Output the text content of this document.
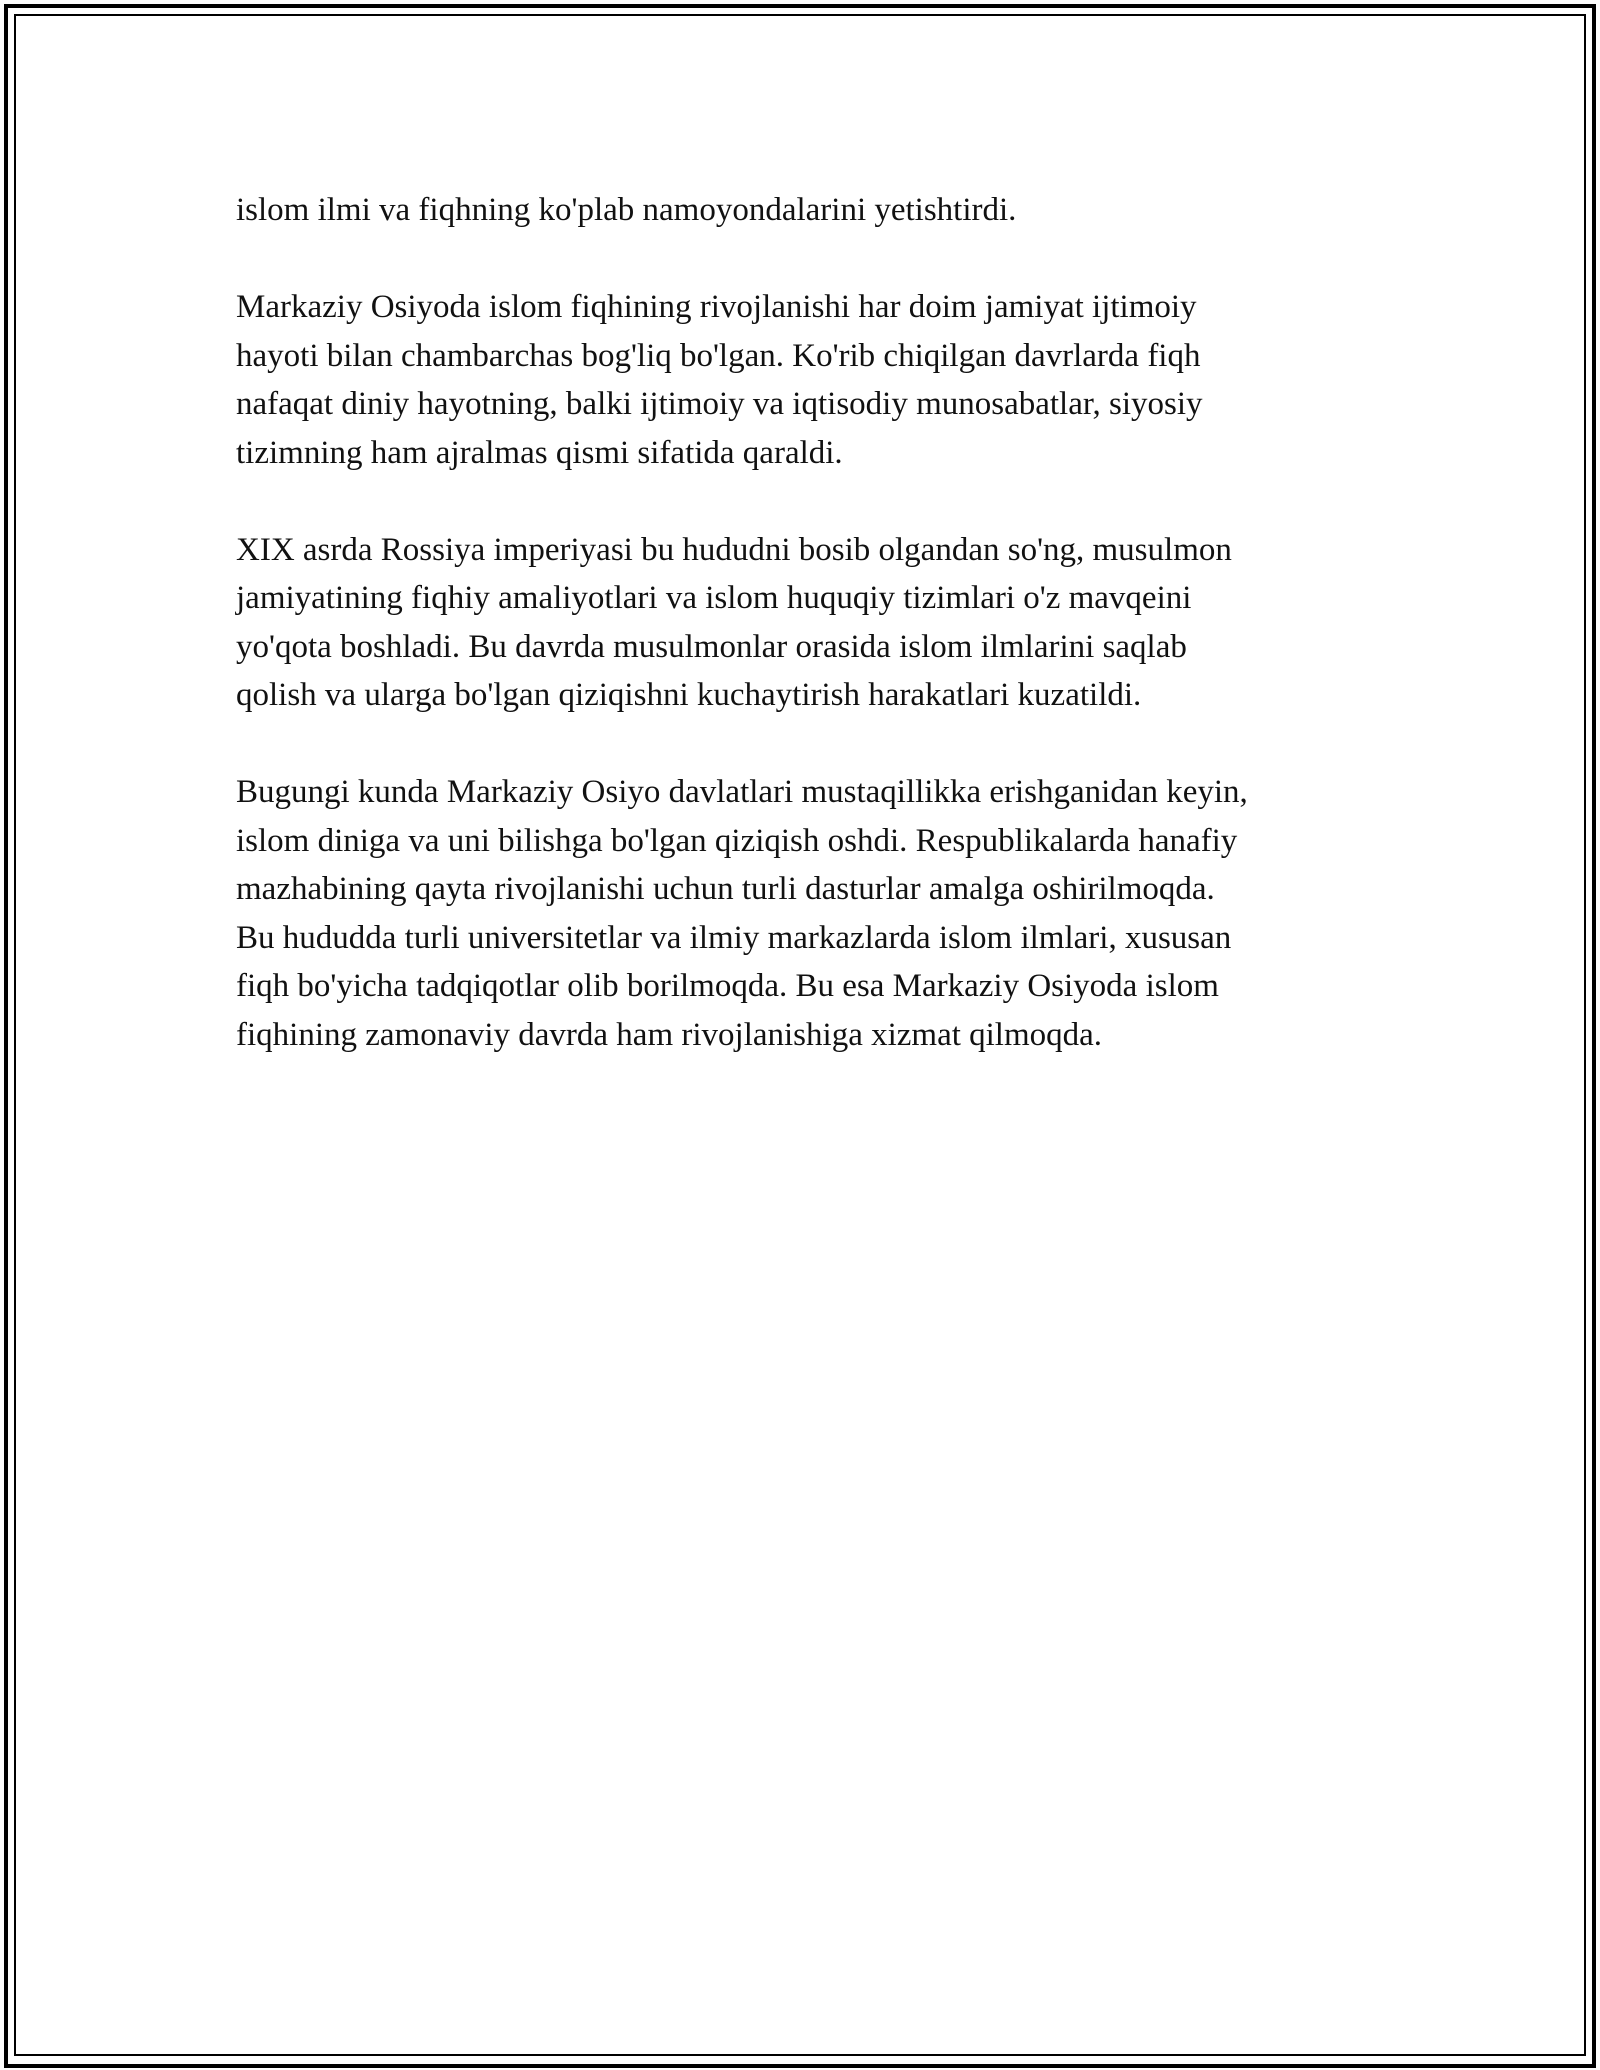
islom ilmi va fiqhning ko'plab namoyondalarini yetishtirdi.

Markaziy Osiyoda islom fiqhining rivojlanishi har doim jamiyat ijtimoiy
hayoti bilan chambarchas bog'liq bo'lgan. Ko'rib chiqilgan davrlarda fiqh
nafaqat diniy hayotning, balki ijtimoiy va iqtisodiy munosabatlar, siyosiy
tizimning ham ajralmas qismi sifatida qaraldi.

XIX asrda Rossiya imperiyasi bu hududni bosib olgandan so'ng, musulmon
jamiyatining fiqhiy amaliyotlari va islom huquqiy tizimlari o'z mavqeini
yo'qota boshladi. Bu davrda musulmonlar orasida islom ilmlarini saqlab
qolish va ularga bo'lgan qiziqishni kuchaytirish harakatlari kuzatildi.

Bugungi kunda Markaziy Osiyo davlatlari mustaqillikka erishganidan keyin,
islom diniga va uni bilishga bo'lgan qiziqish oshdi. Respublikalarda hanafiy
mazhabining qayta rivojlanishi uchun turli dasturlar amalga oshirilmoqda.
Bu hududda turli universitetlar va ilmiy markazlarda islom ilmlari, xususan
fiqh bo'yicha tadqiqotlar olib borilmoqda. Bu esa Markaziy Osiyoda islom
fiqhining zamonaviy davrda ham rivojlanishiga xizmat qilmoqda.
